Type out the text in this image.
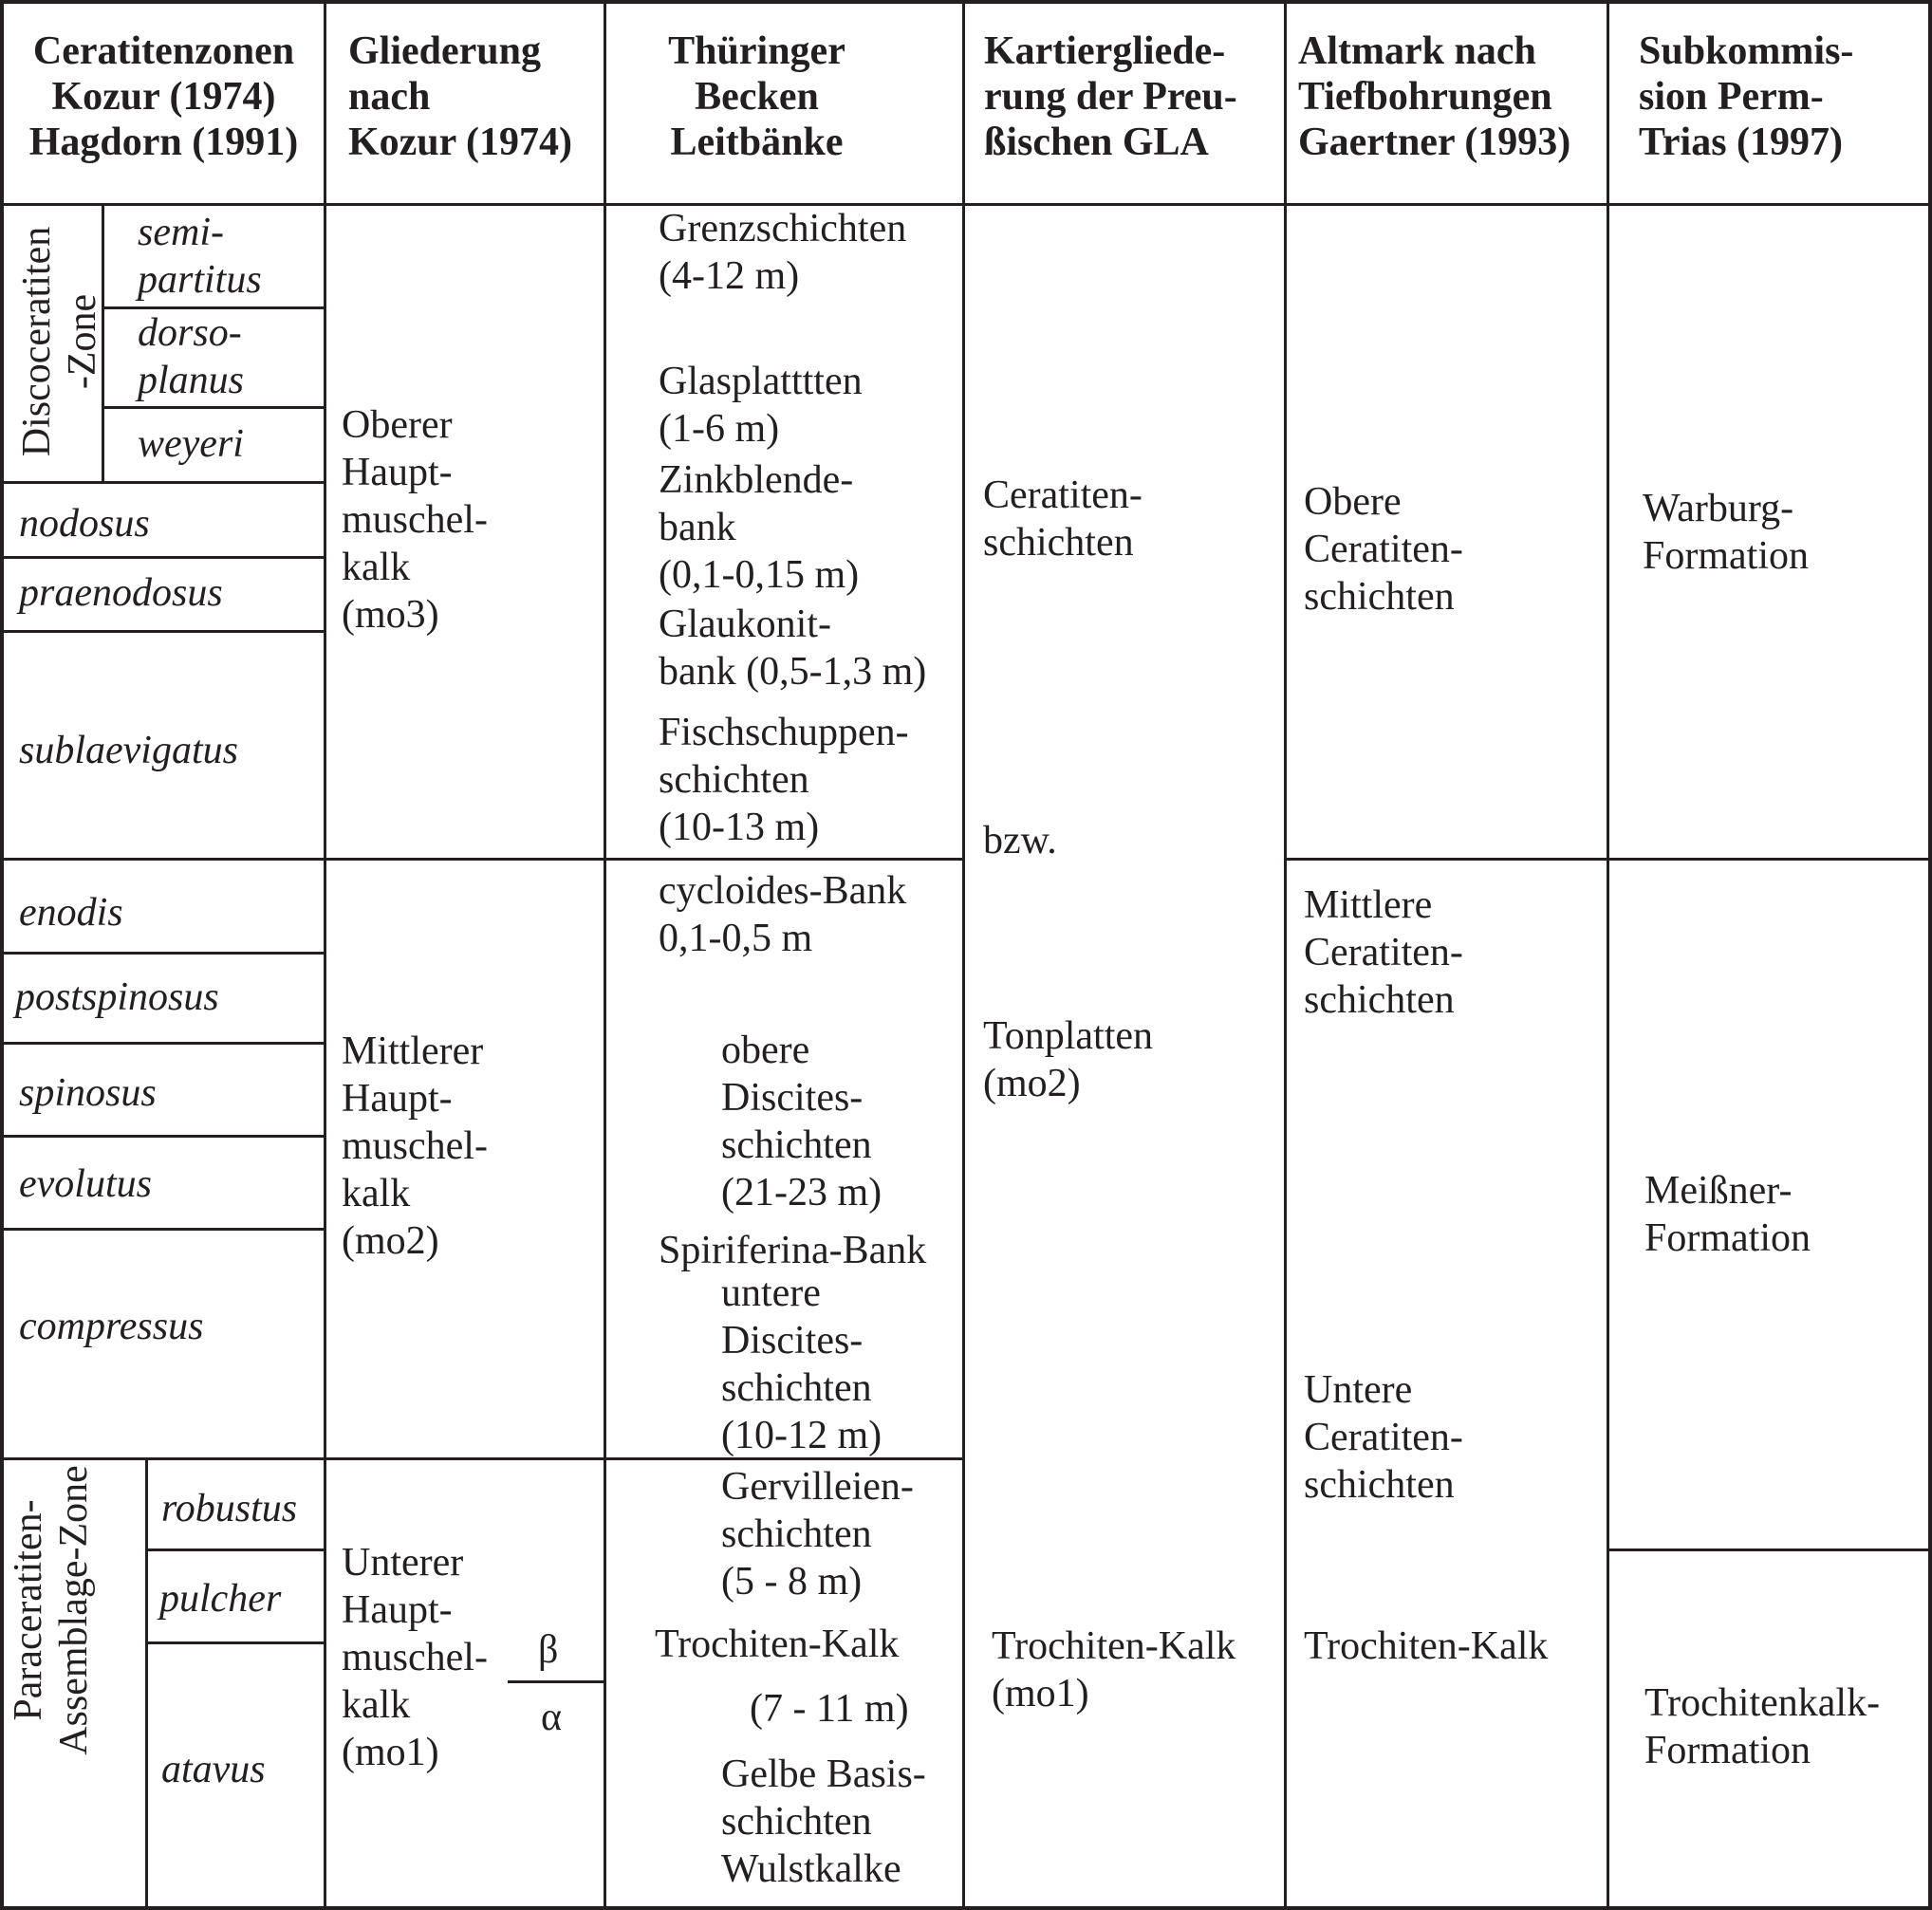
Ceratitenzonen
Kozur (1974)
Hagdorn (1991)
Gliederung
nach
Kozur (1974)
Thüringer
Becken
Leitbänke
Kartiergliede-
rung der Preu-
ßischen GLA
Altmark nach
Tiefbohrungen
Gaertner (1993)
Subkommis-
sion Perm-
Trias (1997)
Discoceratiten
-Zone
Paraceratiten-
Assemblage-Zone
semi-
partitus
dorso-
planus
weyeri
nodosus
praenodosus
sublaevigatus
enodis
postspinosus
spinosus
evolutus
compressus
robustus
pulcher
atavus
Oberer
Haupt-
muschel-
kalk
(mo3)
Mittlerer
Haupt-
muschel-
kalk
(mo2)
Unterer
Haupt-
muschel-
kalk
(mo1)
β
α
Grenzschichten
(4-12 m)
Glasplatttten
(1-6 m)
Zinkblende-
bank
(0,1-0,15 m)
Glaukonit-
bank (0,5-1,3 m)
Fischschuppen-
schichten
(10-13 m)
cycloides-Bank
0,1-0,5 m
obere
Discites-
schichten
(21-23 m)
Spiriferina-Bank
untere
Discites-
schichten
(10-12 m)
Gervilleien-
schichten
(5 - 8 m)
Trochiten-Kalk
(7 - 11 m)
Gelbe Basis-
schichten
Wulstkalke
Ceratiten-
schichten
bzw.
Tonplatten
(mo2)
Trochiten-Kalk
(mo1)
Obere
Ceratiten-
schichten
Mittlere
Ceratiten-
schichten
Untere
Ceratiten-
schichten
Trochiten-Kalk
Warburg-
Formation
Meißner-
Formation
Trochitenkalk-
Formation
